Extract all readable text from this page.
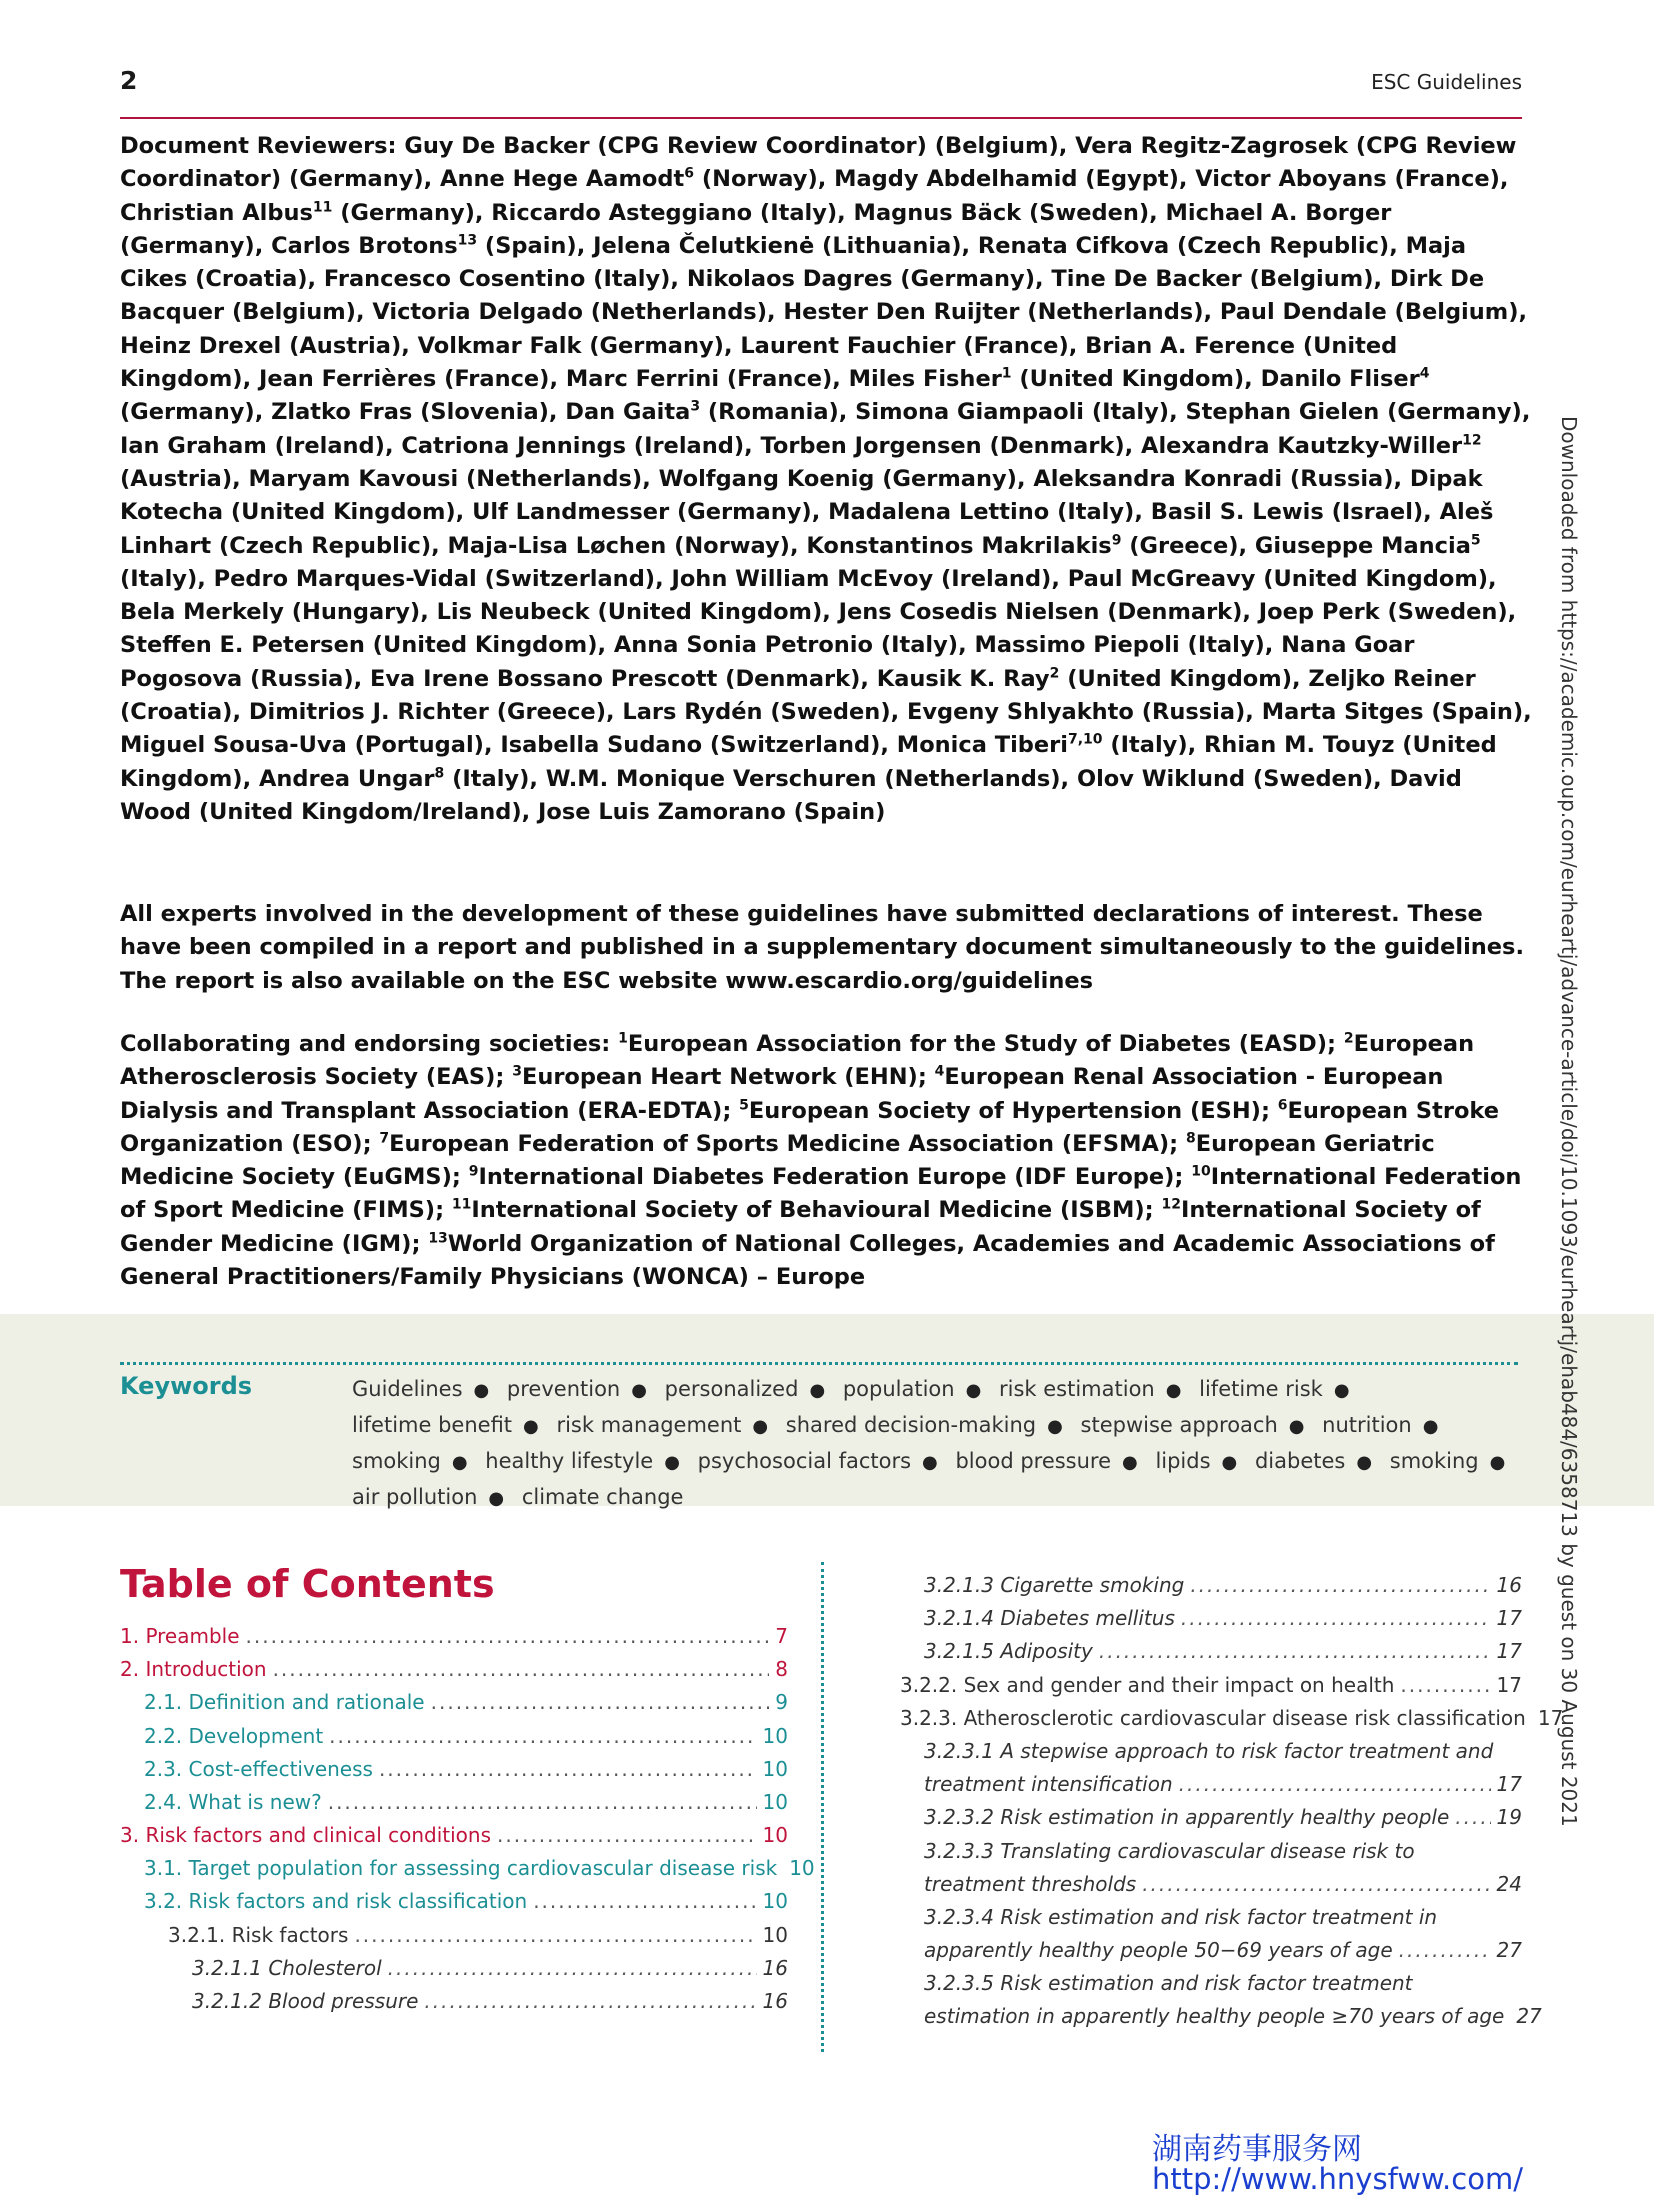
2	ESC Guidelines
Document Reviewers: Guy De Backer (CPG Review Coordinator) (Belgium), Vera Regitz-Zagrosek (CPG Review Coordinator) (Germany), Anne Hege Aamodt$^6$ (Norway), Magdy Abdelhamid (Egypt), Victor Aboyans (France), Christian Albus$^{11}$ (Germany), Riccardo Asteggiano (Italy), Magnus Bäck (Sweden), Michael A. Borger (Germany), Carlos Brotons$^{13}$ (Spain), Jelena Čelutkienė (Lithuania), Renata Cifkova (Czech Republic), Maja Cikes (Croatia), Francesco Cosentino (Italy), Nikolaos Dagres (Germany), Tine De Backer (Belgium), Dirk De Bacquer (Belgium), Victoria Delgado (Netherlands), Hester Den Ruijter (Netherlands), Paul Dendale (Belgium), Heinz Drexel (Austria), Volkmar Falk (Germany), Laurent Fauchier (France), Brian A. Ference (United Kingdom), Jean Ferrières (France), Marc Ferrini (France), Miles Fisher$^1$ (United Kingdom), Danilo Fliser$^4$ (Germany), Zlatko Fras (Slovenia), Dan Gaita$^3$ (Romania), Simona Giampaoli (Italy), Stephan Gielen (Germany), Ian Graham (Ireland), Catriona Jennings (Ireland), Torben Jorgensen (Denmark), Alexandra Kautzky-Willer$^{12}$ (Austria), Maryam Kavousi (Netherlands), Wolfgang Koenig (Germany), Aleksandra Konradi (Russia), Dipak Kotecha (United Kingdom), Ulf Landmesser (Germany), Madalena Lettino (Italy), Basil S. Lewis (Israel), Aleš Linhart (Czech Republic), Maja-Lisa Løchen (Norway), Konstantinos Makrilakis$^9$ (Greece), Giuseppe Mancia$^5$ (Italy), Pedro Marques-Vidal (Switzerland), John William McEvoy (Ireland), Paul McGreavy (United Kingdom), Bela Merkely (Hungary), Lis Neubeck (United Kingdom), Jens Cosedis Nielsen (Denmark), Joep Perk (Sweden), Steffen E. Petersen (United Kingdom), Anna Sonia Petronio (Italy), Massimo Piepoli (Italy), Nana Goar Pogosova (Russia), Eva Irene Bossano Prescott (Denmark), Kausik K. Ray$^2$ (United Kingdom), Zeljko Reiner (Croatia), Dimitrios J. Richter (Greece), Lars Rydén (Sweden), Evgeny Shlyakhto (Russia), Marta Sitges (Spain), Miguel Sousa-Uva (Portugal), Isabella Sudano (Switzerland), Monica Tiberi$^{7,10}$ (Italy), Rhian M. Touyz (United Kingdom), Andrea Ungar$^8$ (Italy), W.M. Monique Verschuren (Netherlands), Olov Wiklund (Sweden), David Wood (United Kingdom/Ireland), Jose Luis Zamorano (Spain)
All experts involved in the development of these guidelines have submitted declarations of interest. These have been compiled in a report and published in a supplementary document simultaneously to the guidelines. The report is also available on the ESC website www.escardio.org/guidelines
Collaborating and endorsing societies: $^1$European Association for the Study of Diabetes (EASD); $^2$European Atherosclerosis Society (EAS); $^3$European Heart Network (EHN); $^4$European Renal Association - European Dialysis and Transplant Association (ERA-EDTA); $^5$European Society of Hypertension (ESH); $^6$European Stroke Organization (ESO); $^7$European Federation of Sports Medicine Association (EFSMA); $^8$European Geriatric Medicine Society (EuGMS); $^9$International Diabetes Federation Europe (IDF Europe); $^{10}$International Federation of Sport Medicine (FIMS); $^{11}$International Society of Behavioural Medicine (ISBM); $^{12}$International Society of Gender Medicine (IGM); $^{13}$World Organization of National Colleges, Academies and Academic Associations of General Practitioners/Family Physicians (WONCA) – Europe
Keywords	Guidelines ● prevention ● personalized ● population ● risk estimation ● lifetime risk ● lifetime benefit ● risk management ● shared decision-making ● stepwise approach ● nutrition ● smoking ● healthy lifestyle ● psychosocial factors ● blood pressure ● lipids ● diabetes ● smoking ● air pollution ● climate change
Table of Contents
1. Preamble .....	7
2. Introduction .....	8
2.1. Definition and rationale .....	9
2.2. Development .....	10
2.3. Cost-effectiveness .....	10
2.4. What is new? .....	10
3. Risk factors and clinical conditions .....	10
3.1. Target population for assessing cardiovascular disease risk 10
3.2. Risk factors and risk classification .....	10
3.2.1. Risk factors .....	10
3.2.1.1 Cholesterol .....	16
3.2.1.2 Blood pressure .....	16
3.2.1.3 Cigarette smoking .....	16
3.2.1.4 Diabetes mellitus .....	17
3.2.1.5 Adiposity .....	17
3.2.2. Sex and gender and their impact on health .....	17
3.2.3. Atherosclerotic cardiovascular disease risk classification 17
3.2.3.1 A stepwise approach to risk factor treatment and
treatment intensification .....	17
3.2.3.2 Risk estimation in apparently healthy people ..... 19
3.2.3.3 Translating cardiovascular disease risk to
treatment thresholds .....	24
3.2.3.4 Risk estimation and risk factor treatment in
apparently healthy people 50−69 years of age .....	27
3.2.3.5 Risk estimation and risk factor treatment
estimation in apparently healthy people ≥70 years of age 27
Downloaded from https://academic.oup.com/eurheartj/advance-article/doi/10.1093/eurheartj/ehab484/6358713 by guest on 30 August 2021
湖南药事服务网
http://www.hnysfww.com/
